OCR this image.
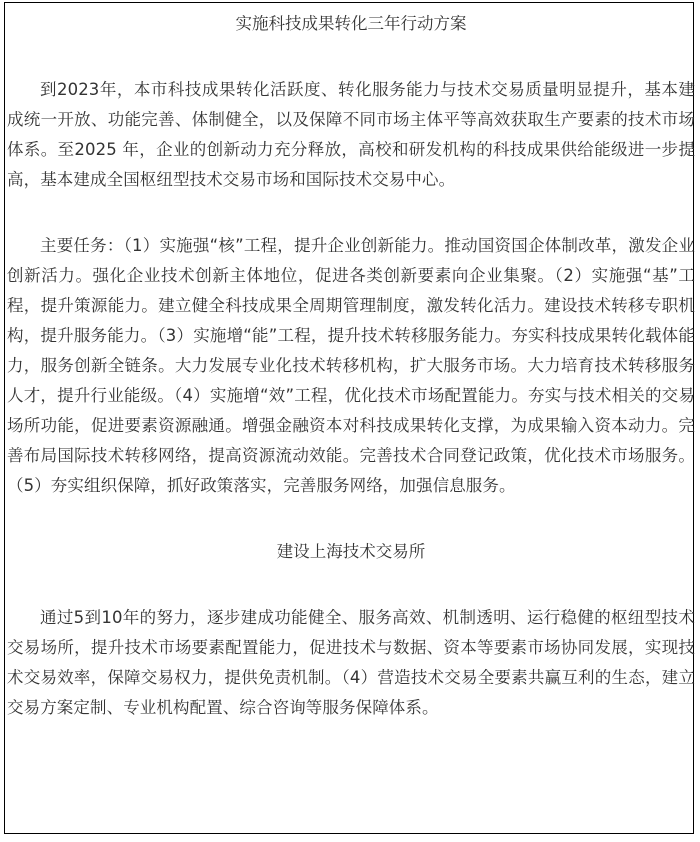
实施科技成果转化三年行动方案

到2023年，本市科技成果转化活跃度、转化服务能力与技术交易质量明显提升，基本建成统一开放、功能完善、体制健全，以及保障不同市场主体平等高效获取生产要素的技术市场体系。至2025 年，企业的创新动力充分释放，高校和研发机构的科技成果供给能级进一步提高，基本建成全国枢纽型技术交易市场和国际技术交易中心。

主要任务：（1）实施强“核”工程，提升企业创新能力。推动国资国企体制改革，激发企业创新活力。强化企业技术创新主体地位，促进各类创新要素向企业集聚。（2）实施强“基”工程，提升策源能力。建立健全科技成果全周期管理制度，激发转化活力。建设技术转移专职机构，提升服务能力。（3）实施增“能”工程，提升技术转移服务能力。夯实科技成果转化载体能力，服务创新全链条。大力发展专业化技术转移机构，扩大服务市场。大力培育技术转移服务人才，提升行业能级。（4）实施增“效”工程，优化技术市场配置能力。夯实与技术相关的交易场所功能，促进要素资源融通。增强金融资本对科技成果转化支撑，为成果输入资本动力。完善布局国际技术转移网络，提高资源流动效能。完善技术合同登记政策，优化技术市场服务。（5）夯实组织保障，抓好政策落实，完善服务网络，加强信息服务。

建设上海技术交易所

通过5到10年的努力，逐步建成功能健全、服务高效、机制透明、运行稳健的枢纽型技术交易场所，提升技术市场要素配置能力，促进技术与数据、资本等要素市场协同发展，实现技术交易效率，保障交易权力，提供免责机制。（4）营造技术交易全要素共赢互利的生态，建立交易方案定制、专业机构配置、综合咨询等服务保障体系。
